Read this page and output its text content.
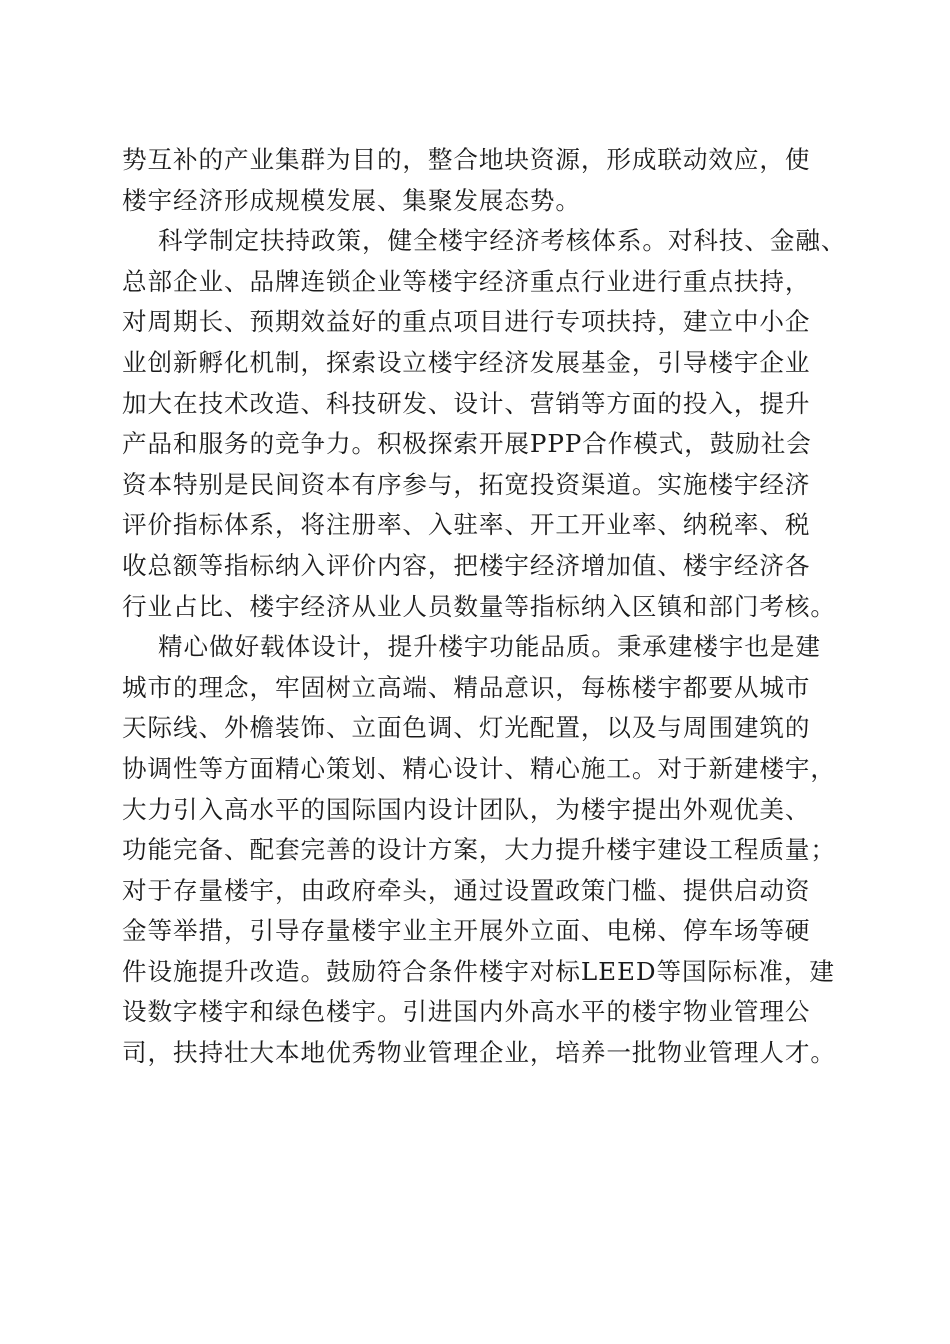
势互补的产业集群为目的，整合地块资源，形成联动效应，使
楼宇经济形成规模发展、集聚发展态势。
科学制定扶持政策，健全楼宇经济考核体系。对科技、金融、
总部企业、品牌连锁企业等楼宇经济重点行业进行重点扶持，
对周期长、预期效益好的重点项目进行专项扶持，建立中小企
业创新孵化机制，探索设立楼宇经济发展基金，引导楼宇企业
加大在技术改造、科技研发、设计、营销等方面的投入，提升
产品和服务的竞争力。积极探索开展PPP合作模式，鼓励社会
资本特别是民间资本有序参与，拓宽投资渠道。实施楼宇经济
评价指标体系，将注册率、入驻率、开工开业率、纳税率、税
收总额等指标纳入评价内容，把楼宇经济增加值、楼宇经济各
行业占比、楼宇经济从业人员数量等指标纳入区镇和部门考核。
精心做好载体设计，提升楼宇功能品质。秉承建楼宇也是建
城市的理念，牢固树立高端、精品意识，每栋楼宇都要从城市
天际线、外檐装饰、立面色调、灯光配置，以及与周围建筑的
协调性等方面精心策划、精心设计、精心施工。对于新建楼宇，
大力引入高水平的国际国内设计团队，为楼宇提出外观优美、
功能完备、配套完善的设计方案，大力提升楼宇建设工程质量；
对于存量楼宇，由政府牵头，通过设置政策门槛、提供启动资
金等举措，引导存量楼宇业主开展外立面、电梯、停车场等硬
件设施提升改造。鼓励符合条件楼宇对标LEED等国际标准，建
设数字楼宇和绿色楼宇。引进国内外高水平的楼宇物业管理公
司，扶持壮大本地优秀物业管理企业，培养一批物业管理人才。
